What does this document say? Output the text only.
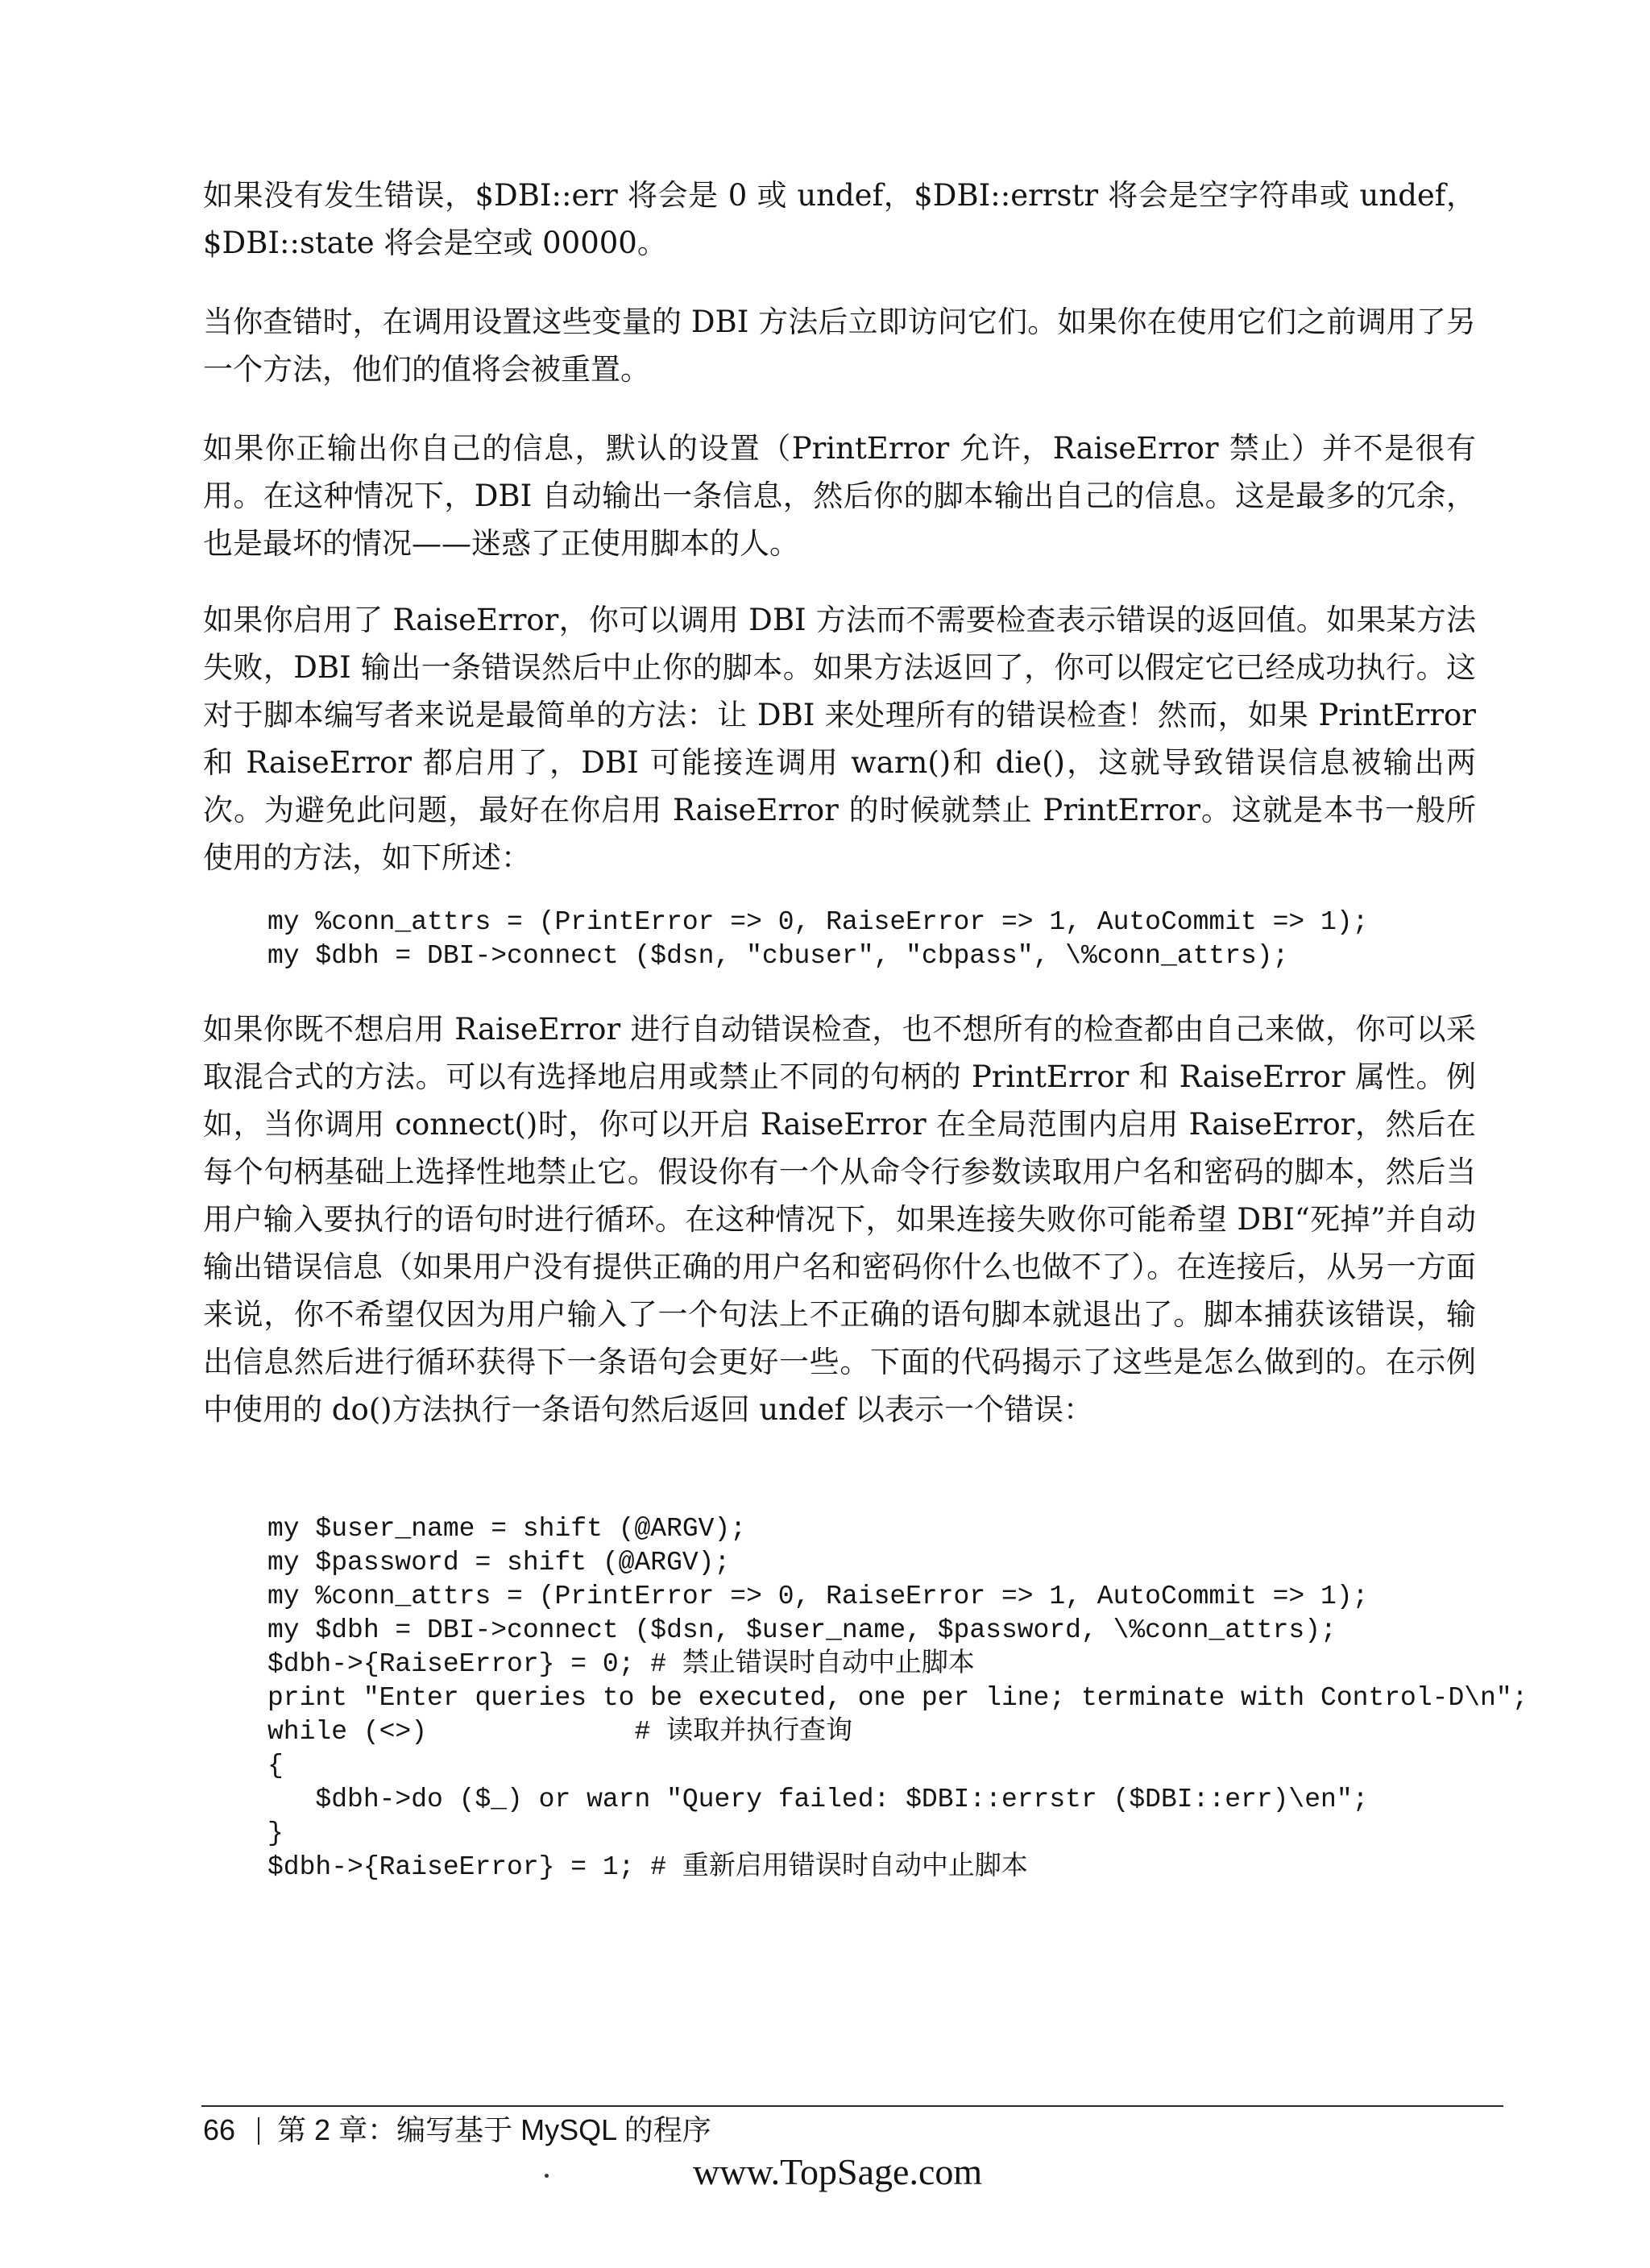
如果没有发生错误，$DBI::err 将会是 0 或 undef，$DBI::errstr 将会是空字符串或 undef，$DBI::state 将会是空或 00000。

当你查错时，在调用设置这些变量的 DBI 方法后立即访问它们。如果你在使用它们之前调用了另一个方法，他们的值将会被重置。

如果你正输出你自己的信息，默认的设置（PrintError 允许，RaiseError 禁止）并不是很有用。在这种情况下，DBI 自动输出一条信息，然后你的脚本输出自己的信息。这是最多的冗余，也是最坏的情况——迷惑了正使用脚本的人。

如果你启用了 RaiseError，你可以调用 DBI 方法而不需要检查表示错误的返回值。如果某方法失败，DBI 输出一条错误然后中止你的脚本。如果方法返回了，你可以假定它已经成功执行。这对于脚本编写者来说是最简单的方法：让 DBI 来处理所有的错误检查！然而，如果 PrintError 和 RaiseError 都启用了，DBI 可能接连调用 warn()和 die()，这就导致错误信息被输出两次。为避免此问题，最好在你启用 RaiseError 的时候就禁止 PrintError。这就是本书一般所使用的方法，如下所述：

my %conn_attrs = (PrintError => 0, RaiseError => 1, AutoCommit => 1);
my $dbh = DBI->connect ($dsn, "cbuser", "cbpass", \%conn_attrs);

如果你既不想启用 RaiseError 进行自动错误检查，也不想所有的检查都由自己来做，你可以采取混合式的方法。可以有选择地启用或禁止不同的句柄的 PrintError 和 RaiseError 属性。例如，当你调用 connect()时，你可以开启 RaiseError 在全局范围内启用 RaiseError，然后在每个句柄基础上选择性地禁止它。假设你有一个从命令行参数读取用户名和密码的脚本，然后当用户输入要执行的语句时进行循环。在这种情况下，如果连接失败你可能希望 DBI“死掉”并自动输出错误信息（如果用户没有提供正确的用户名和密码你什么也做不了）。在连接后，从另一方面来说，你不希望仅因为用户输入了一个句法上不正确的语句脚本就退出了。脚本捕获该错误，输出信息然后进行循环获得下一条语句会更好一些。下面的代码揭示了这些是怎么做到的。在示例中使用的 do()方法执行一条语句然后返回 undef 以表示一个错误：

my $user_name = shift (@ARGV);
my $password = shift (@ARGV);
my %conn_attrs = (PrintError => 0, RaiseError => 1, AutoCommit => 1);
my $dbh = DBI->connect ($dsn, $user_name, $password, \%conn_attrs);
$dbh->{RaiseError} = 0; # 禁止错误时自动中止脚本
print "Enter queries to be executed, one per line; terminate with Control-D\n";
while (<>)             # 读取并执行查询
{
$dbh->do ($_) or warn "Query failed: $DBI::errstr ($DBI::err)\en";
}
$dbh->{RaiseError} = 1; # 重新启用错误时自动中止脚本
66 第 2 章：编写基于 MySQL 的程序
www.TopSage.com
